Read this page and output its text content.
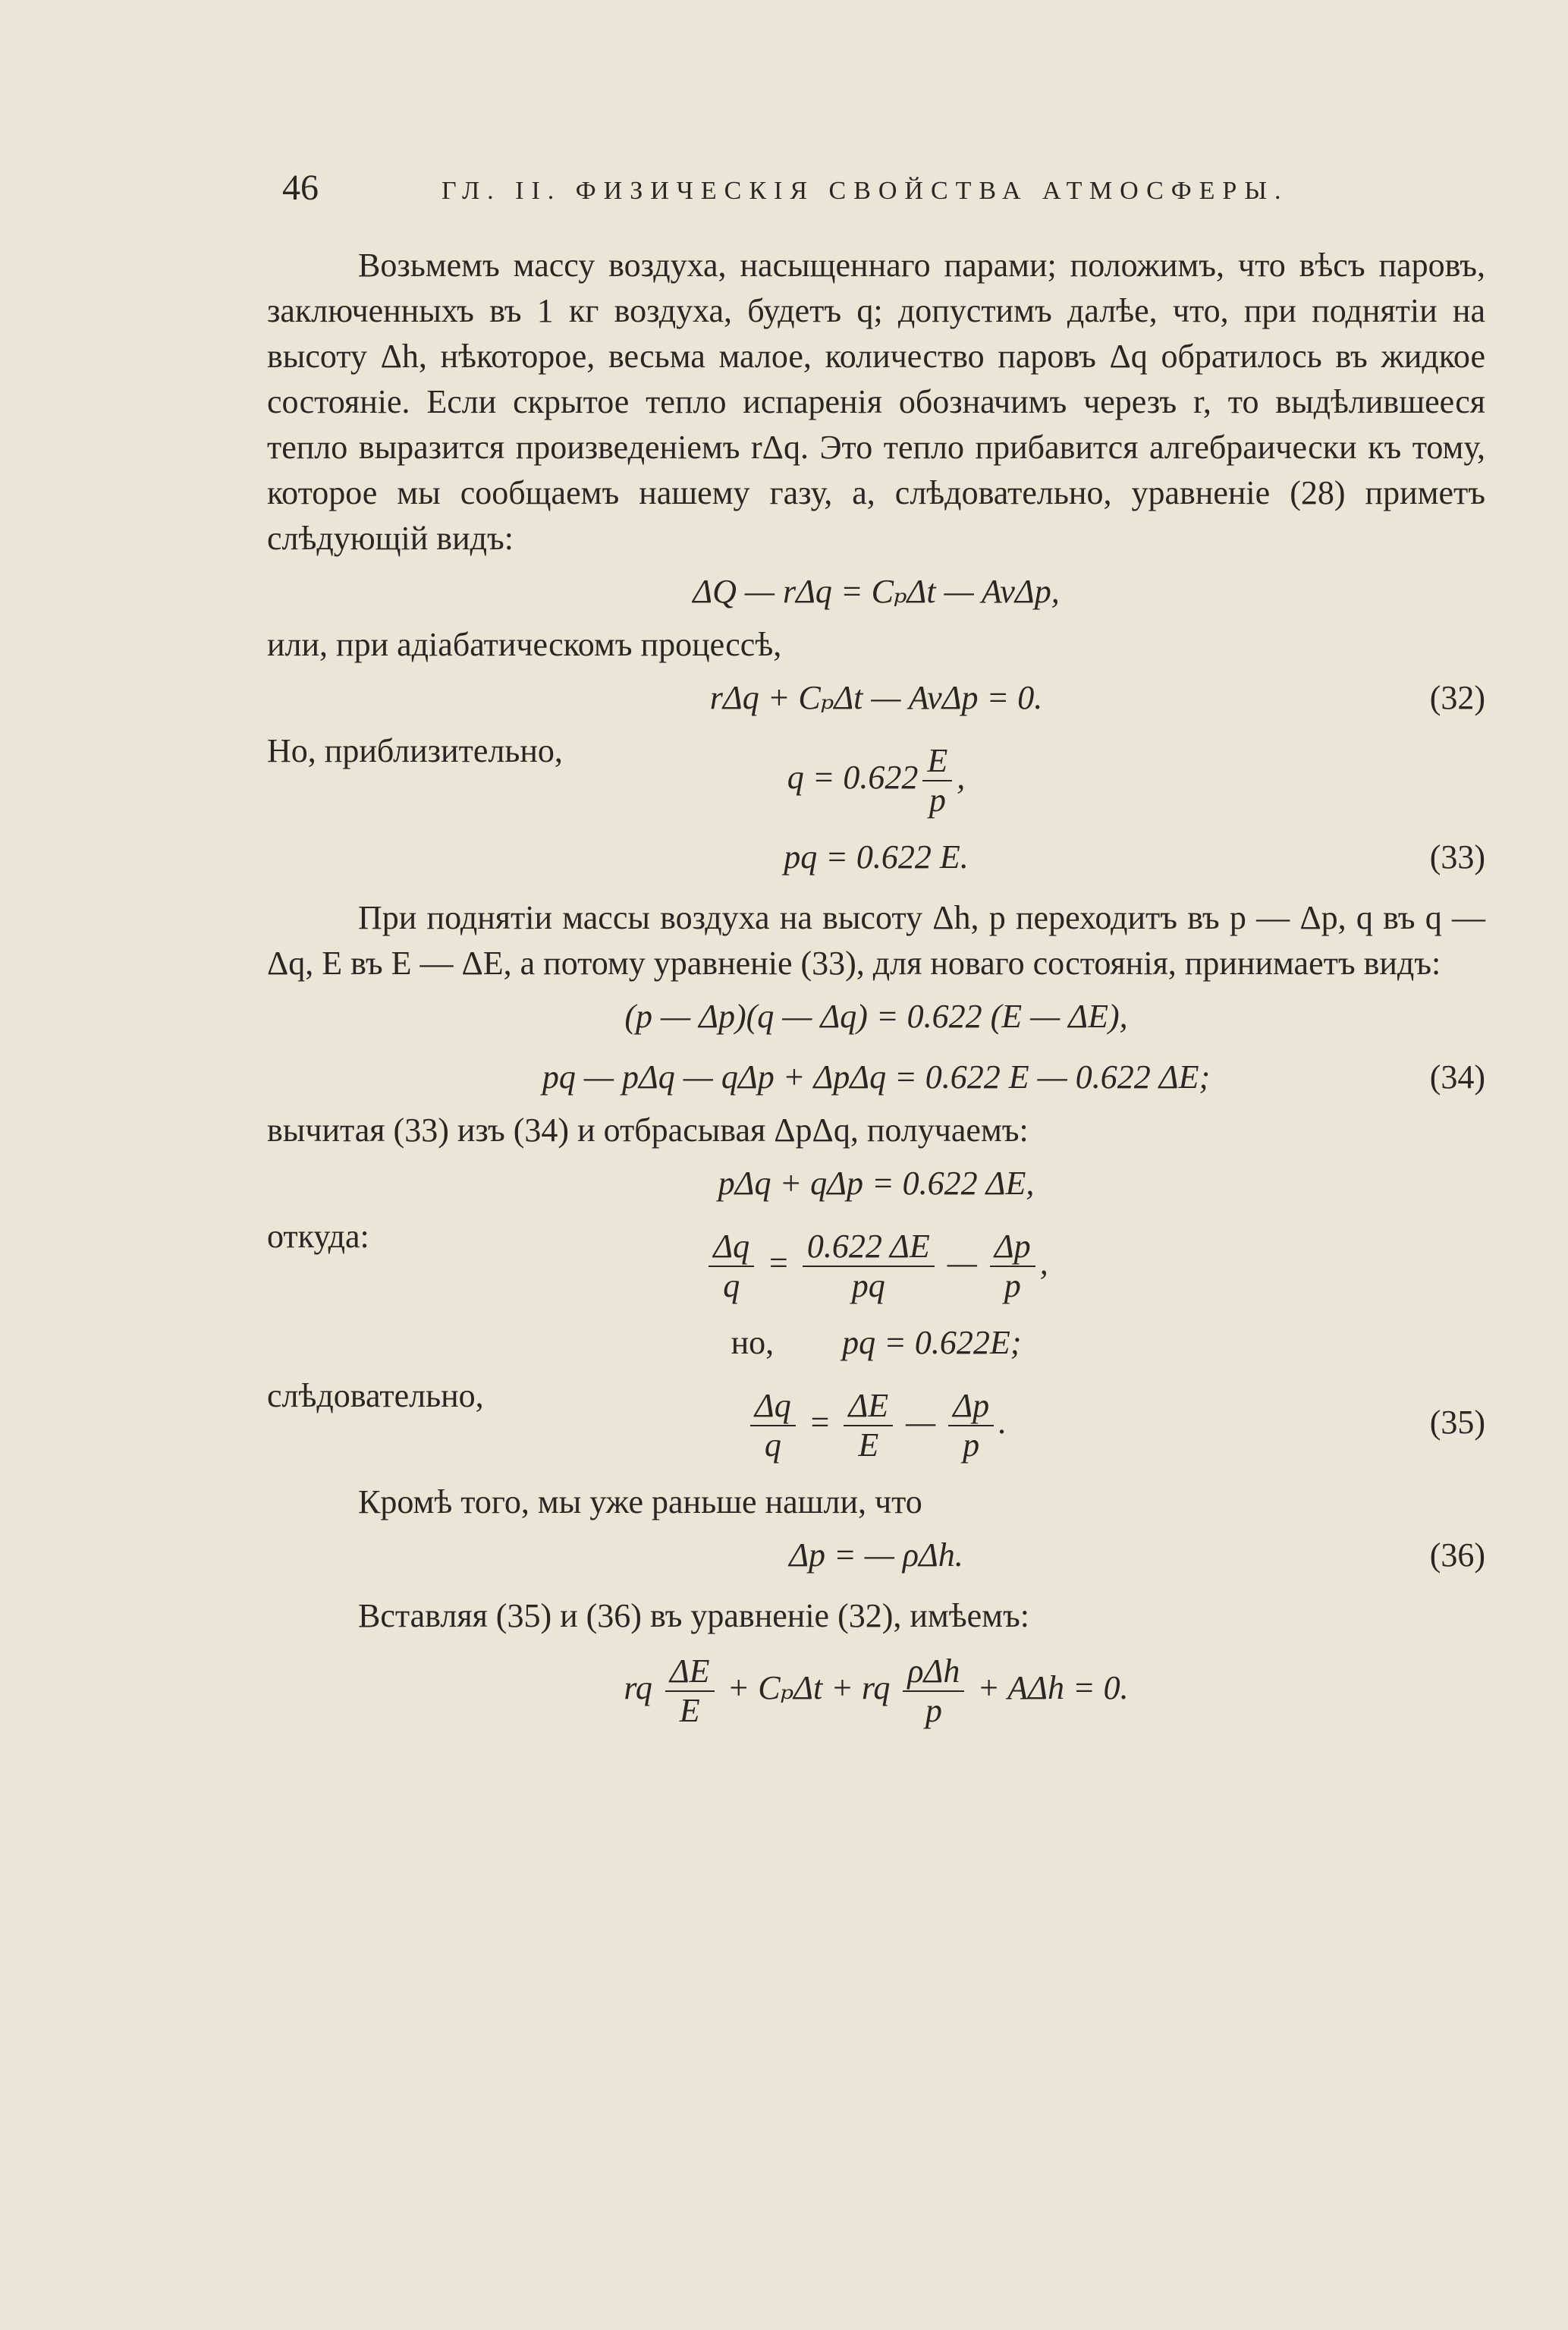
46	ГЛ. II. ФИЗИЧЕСКІЯ СВОЙСТВА АТМОСФЕРЫ.

Возьмемъ массу воздуха, насыщеннаго парами; положимъ, что вѣсъ паровъ, заключенныхъ въ 1 кг воздуха, будетъ q; допустимъ далѣе, что, при поднятіи на высоту Δh, нѣкоторое, весьма малое, количество паровъ Δq обратилось въ жидкое состояніе. Если скрытое тепло испаренія обозначимъ черезъ r, то выдѣлившееся тепло выразится произведеніемъ rΔq. Это тепло прибавится алгебраически къ тому, которое мы сообщаемъ нашему газу, а, слѣдовательно, уравненіе (28) приметъ слѣдующій видъ:

ΔQ — rΔq = CₚΔt — AvΔp,

или, при адіабатическомъ процессѣ,

rΔq + CₚΔt — AvΔp = 0.	(32)
Но, приблизительно,
$q = 0.622 \frac{E}{p}$ ,
pq = 0.622 E.	(33)

При поднятіи массы воздуха на высоту Δh, p переходитъ въ p — Δp, q въ q — Δq, E въ E — ΔE, а потому уравненіе (33), для новаго состоянія, принимаетъ видъ:

(p — Δp)(q — Δq) = 0.622 (E — ΔE),
pq — pΔq — qΔp + ΔpΔq = 0.622 E — 0.622 ΔE;	(34)

вычитая (33) изъ (34) и отбрасывая ΔpΔq, получаемъ:

pΔq + qΔp = 0.622 ΔE,
откуда:	$\frac{\Delta q}{q} = \frac{0.622 \Delta E}{pq}$ — $\frac{\Delta p}{p}$ ,
но, pq = 0.622E;
слѣдовательно,	$\frac{\Delta q}{q} = \frac{\Delta E}{E}$ — $\frac{\Delta p}{p}$ .	(35)

Кромѣ того, мы уже раньше нашли, что

Δp = — ρΔh.	(36)

Вставляя (35) и (36) въ уравненіе (32), имѣемъ:

rq $\frac{\Delta E}{E} + C_p\Delta t$ + rq $\frac{\text{ρΔh}}{p} + A\Delta h = 0$.
